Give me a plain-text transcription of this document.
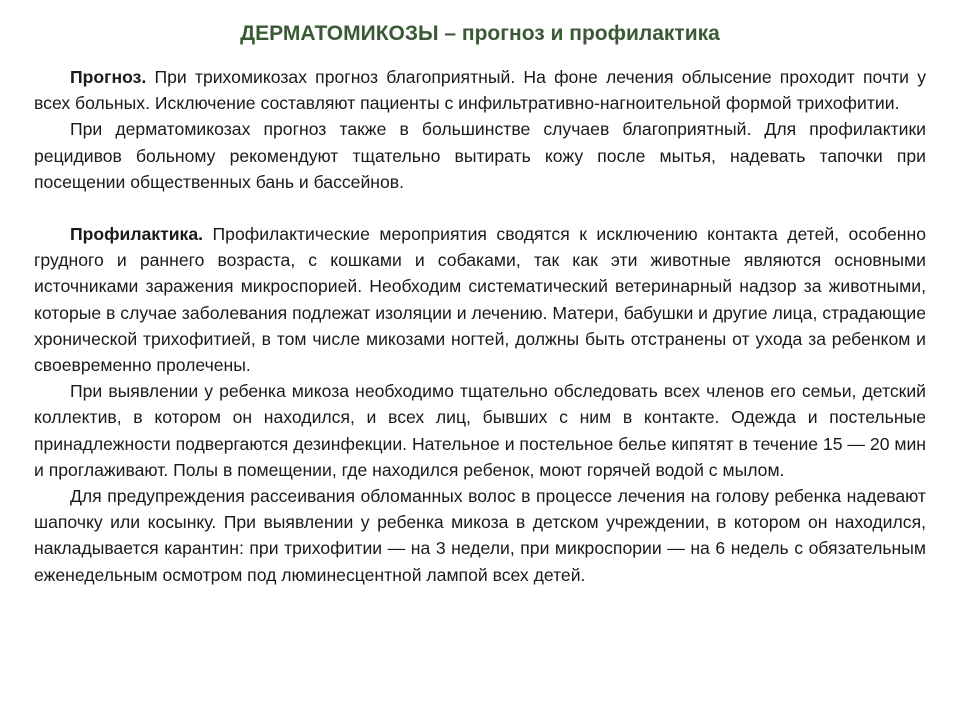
ДЕРМАТОМИКОЗЫ – прогноз и профилактика

Прогноз. При трихомикозах прогноз благоприятный. На фоне лечения облысение проходит почти у всех больных. Исключение составляют пациенты с инфильтративно-нагноительной формой трихофитии.

При дерматомикозах прогноз также в большинстве случаев благоприятный. Для профилактики рецидивов больному рекомендуют тщательно вытирать кожу после мытья, надевать тапочки при посещении общественных бань и бассейнов.

Профилактика. Профилактические мероприятия сводятся к исключению контакта детей, особенно грудного и раннего возраста, с кошками и собаками, так как эти животные являются основными источниками заражения микроспорией. Необходим систематический ветеринарный надзор за животными, которые в случае заболевания подлежат изоляции и лечению. Матери, бабушки и другие лица, страдающие хронической трихофитией, в том числе микозами ногтей, должны быть отстранены от ухода за ребенком и своевременно пролечены.

При выявлении у ребенка микоза необходимо тщательно обследовать всех членов его семьи, детский коллектив, в котором он находился, и всех лиц, бывших с ним в контакте. Одежда и постельные принадлежности подвергаются дезинфекции. Нательное и постельное белье кипятят в течение 15 — 20 мин и проглаживают. Полы в помещении, где находился ребенок, моют горячей водой с мылом.

Для предупреждения рассеивания обломанных волос в процессе лечения на голову ребенка надевают шапочку или косынку. При выявлении у ребенка микоза в детском учреждении, в котором он находился, накладывается карантин: при трихофитии — на 3 недели, при микроспории — на 6 недель с обязательным еженедельным осмотром под люминесцентной лампой всех детей.
